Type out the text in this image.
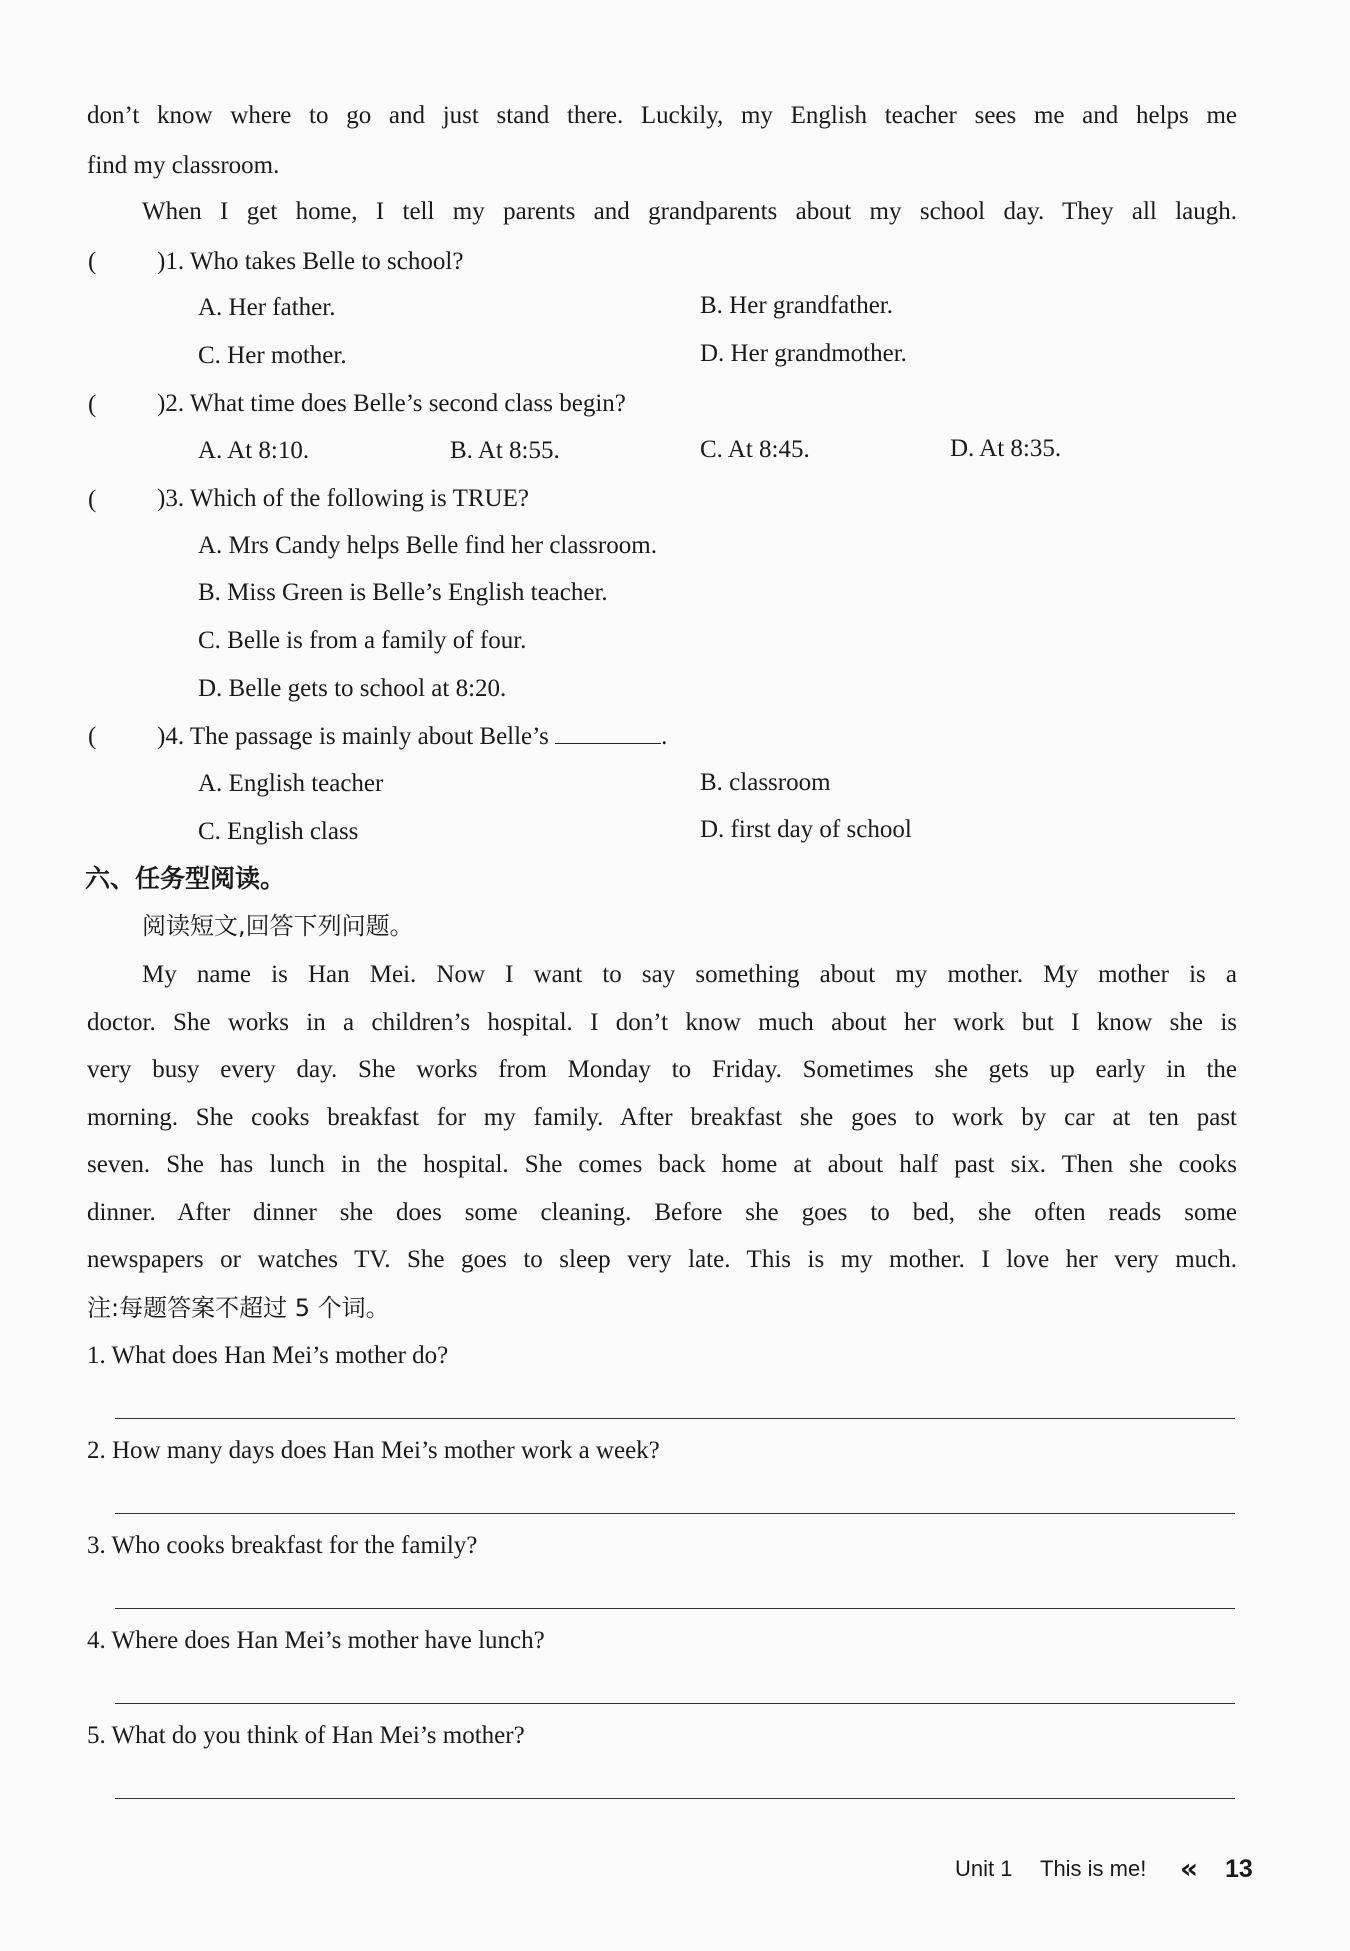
don’t know where to go and just stand there. Luckily, my English teacher sees me and helps me
find my classroom.
When I get home, I tell my parents and grandparents about my school day. They all laugh.
( )1. Who takes Belle to school?
A. Her father.	B. Her grandfather.
C. Her mother.	D. Her grandmother.
( )2. What time does Belle’s second class begin?
A. At 8:10.	B. At 8:55.	C. At 8:45.	D. At 8:35.
( )3. Which of the following is TRUE?
A. Mrs Candy helps Belle find her classroom.
B. Miss Green is Belle’s English teacher.
C. Belle is from a family of four.
D. Belle gets to school at 8:20.
( )4. The passage is mainly about Belle’s	.
A. English teacher	B. classroom
C. English class	D. first day of school
六、任务型阅读。
阅读短文,回答下列问题。
My name is Han Mei. Now I want to say something about my mother. My mother is a
doctor. She works in a children’s hospital. I don’t know much about her work but I know she is
very busy every day. She works from Monday to Friday. Sometimes she gets up early in the
morning. She cooks breakfast for my family. After breakfast she goes to work by car at ten past
seven. She has lunch in the hospital. She comes back home at about half past six. Then she cooks
dinner. After dinner she does some cleaning. Before she goes to bed, she often reads some
newspapers or watches TV. She goes to sleep very late. This is my mother. I love her very much.
注:每题答案不超过 5 个词。
1. What does Han Mei’s mother do?
2. How many days does Han Mei’s mother work a week?
3. Who cooks breakfast for the family?
4. Where does Han Mei’s mother have lunch?
5. What do you think of Han Mei’s mother?
Unit 1 This is me! « 13
